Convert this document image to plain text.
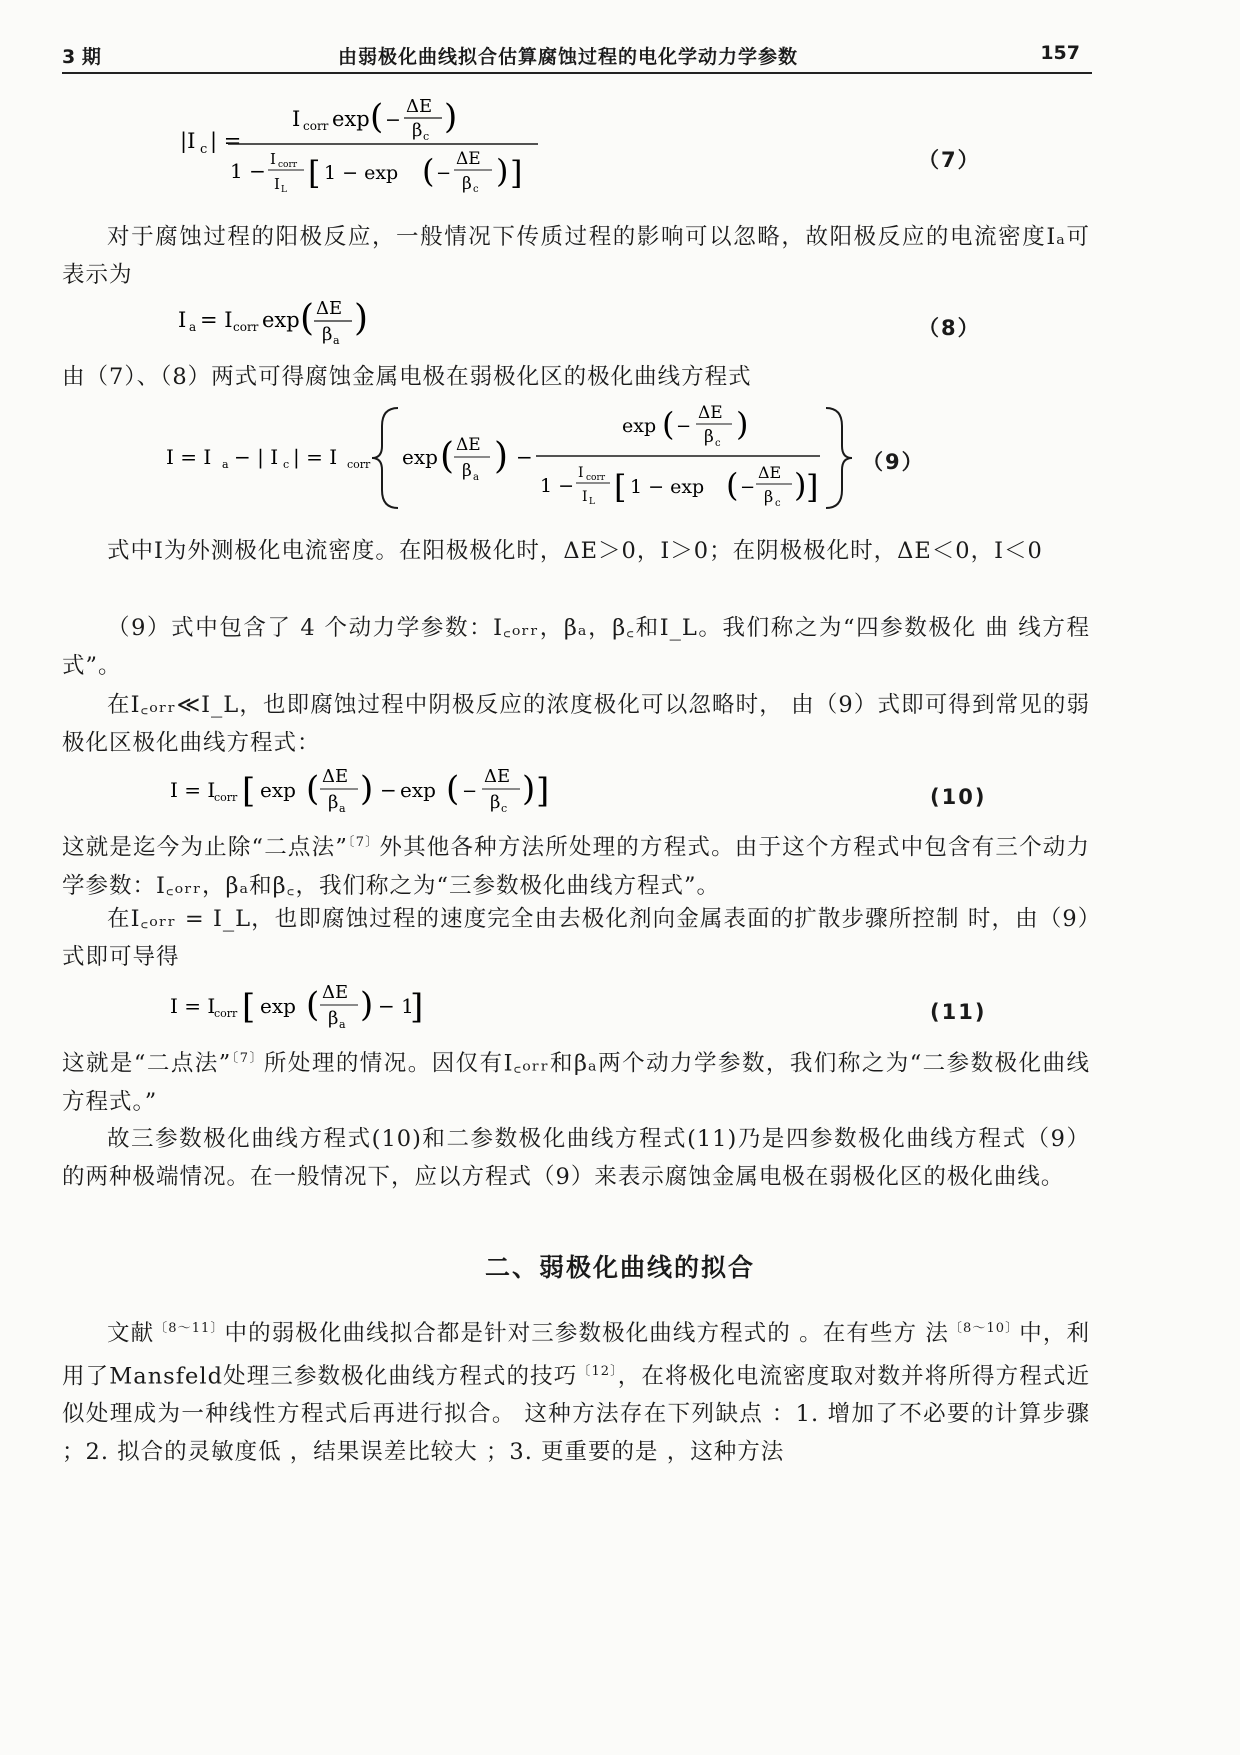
3 期	由弱极化曲线拟合估算腐蚀过程的电化学动力学参数	157
|I c | =
I corr exp ( −
ΔE
β c )
1 − I corr
I L [ 1 − exp ( −
ΔE
β c ) ]	（7）
对于腐蚀过程的阳极反应，一般情况下传质过程的影响可以忽略，故阳极反应的电流密度Iₐ可表示为
I a = I corr exp ( ΔE
β a
)	（8）
由（7）、（8）两式可得腐蚀金属电极在弱极化区的极化曲线方程式
I = I a − | I c | = I corr exp ( ΔE
β a
) −
exp ( −
ΔE
β c
)
1 −
I corr
I L [ 1 − exp ( −
ΔE
β c ) ]
（9）
式中I为外测极化电流密度。在阳极极化时，ΔE＞0，I＞0；在阴极极化时，ΔE＜0，I＜0
（9）式中包含了 4 个动力学参数：I꜀ₒᵣᵣ，βₐ，β꜀和I_L。我们称之为“四参数极化 曲 线方程式”。
在I꜀ₒᵣᵣ≪I_L，也即腐蚀过程中阴极反应的浓度极化可以忽略时， 由（9）式即可得到常见的弱极化区极化曲线方程式：
I = I
corr [ exp ( ΔE
β a ) − exp ( −
ΔE
β c ) ]	(10)
这就是迄今为止除“二点法”$^{〔7〕}$外其他各种方法所处理的方程式。由于这个方程式中包含有三个动力学参数：I꜀ₒᵣᵣ，βₐ和β꜀，我们称之为“三参数极化曲线方程式”。
在I꜀ₒᵣᵣ = I_L，也即腐蚀过程的速度完全由去极化剂向金属表面的扩散步骤所控制 时，由（9）式即可导得
I = I
corr [ exp ( ΔE
β a ) − 1
]	(11)
这就是“二点法”$^{〔7〕}$所处理的情况。因仅有I꜀ₒᵣᵣ和βₐ两个动力学参数，我们称之为“二参数极化曲线方程式。”
故三参数极化曲线方程式(10)和二参数极化曲线方程式(11)乃是四参数极化曲线方程式（9）的两种极端情况。在一般情况下，应以方程式（9）来表示腐蚀金属电极在弱极化区的极化曲线。
二、弱极化曲线的拟合
文献$^{〔8\sim 11〕}$中的弱极化曲线拟合都是针对三参数极化曲线方程式的 。在有些方 法$^{〔8\sim 10〕}$中，利用了Mansfeld处理三参数极化曲线方程式的技巧$^{〔12〕}$，在将极化电流密度取对数并将所得方程式近似处理成为一种线性方程式后再进行拟合。 这种方法存在下列缺点 ：1. 增加了不必要的计算步骤 ；2. 拟合的灵敏度低 ，结果误差比较大 ；3. 更重要的是 ，这种方法
